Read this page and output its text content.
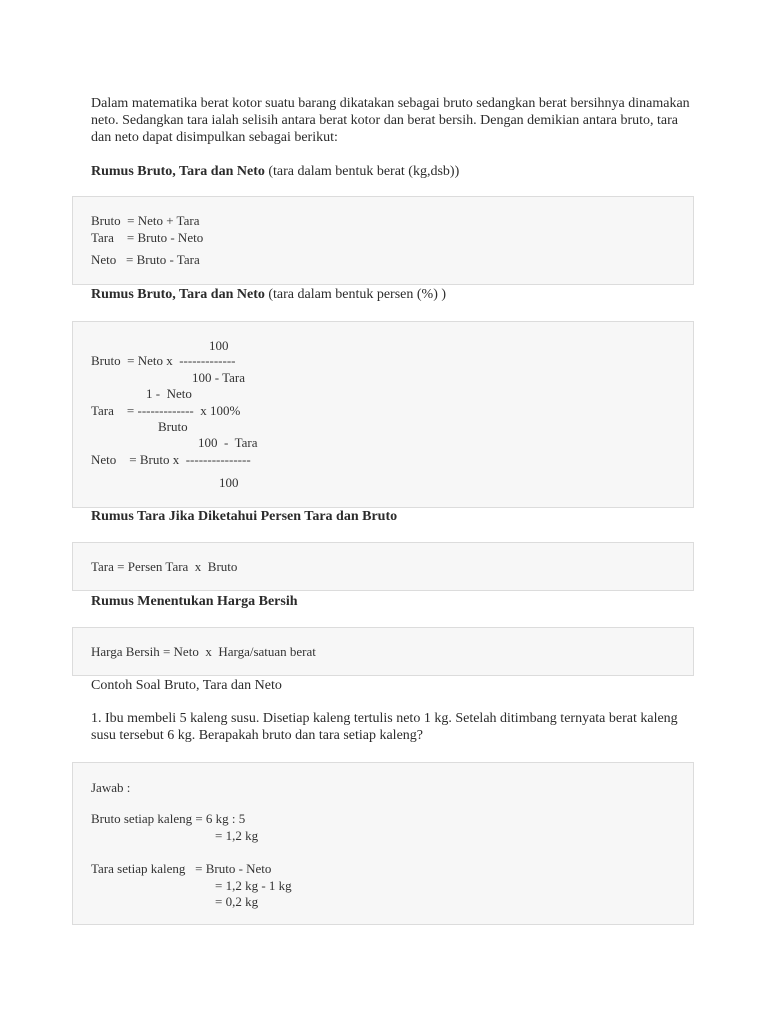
Dalam matematika berat kotor suatu barang dikatakan sebagai bruto sedangkan berat bersihnya dinamakan neto. Sedangkan tara ialah selisih antara berat kotor dan berat bersih. Dengan demikian antara bruto, tara dan neto dapat disimpulkan sebagai berikut:

Rumus Bruto, Tara dan Neto (tara dalam bentuk berat (kg,dsb))

Bruto  = Neto + Tara
Tara    = Bruto - Neto
Neto   = Bruto - Tara

Rumus Bruto, Tara dan Neto (tara dalam bentuk persen (%) )

100
Bruto  = Neto x  -------------
100 - Tara
1 -  Neto
Tara    = -------------  x 100%
Bruto
100  -  Tara
Neto    = Bruto x  ---------------
100

Rumus Tara Jika Diketahui Persen Tara dan Bruto

Tara = Persen Tara  x  Bruto

Rumus Menentukan Harga Bersih

Harga Bersih = Neto  x  Harga/satuan berat

Contoh Soal Bruto, Tara dan Neto

1. Ibu membeli 5 kaleng susu. Disetiap kaleng tertulis neto 1 kg. Setelah ditimbang ternyata berat kaleng susu tersebut 6 kg. Berapakah bruto dan tara setiap kaleng?

Jawab :
Bruto setiap kaleng = 6 kg : 5
= 1,2 kg
Tara setiap kaleng   = Bruto - Neto
= 1,2 kg - 1 kg
= 0,2 kg
